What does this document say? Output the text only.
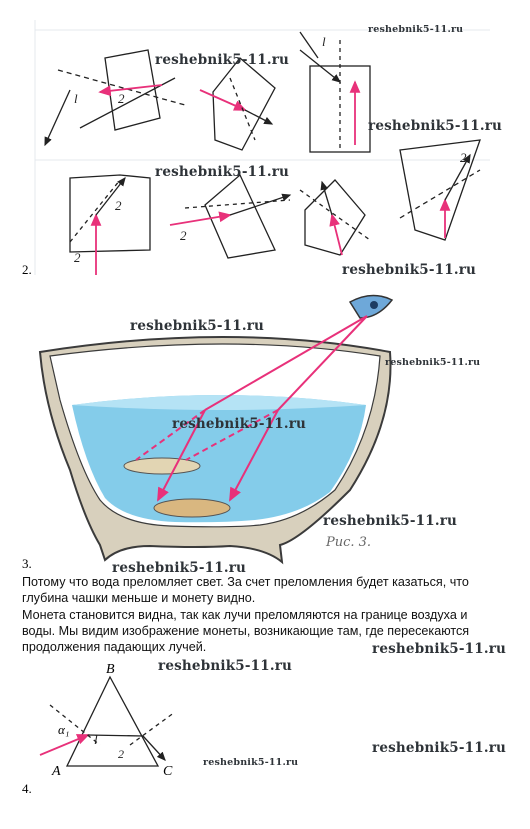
l	2
l
2
2
2
2
l
2
reshebnik5-11.ru
reshebnik5-11.ru
reshebnik5-11.ru
reshebnik5-11.ru
reshebnik5-11.ru
2.
reshebnik5-11.ru
reshebnik5-11.ru
reshebnik5-11.ru
reshebnik5-11.ru
Рис. 3.
3.	reshebnik5-11.ru
Потому что вода преломляет свет. За счет преломления будет казаться, что
глубина чашки меньше и монету видно.
Монета становится видна, так как лучи преломляются на границе воздуха и
воды. Мы видим изображение монеты, возникающие там, где пересекаются
продолжения падающих лучей.	reshebnik5-11.ru
reshebnik5-11.ru
B
A	C
α₁
reshebnik5-11.ru
reshebnik5-11.ru
4.
